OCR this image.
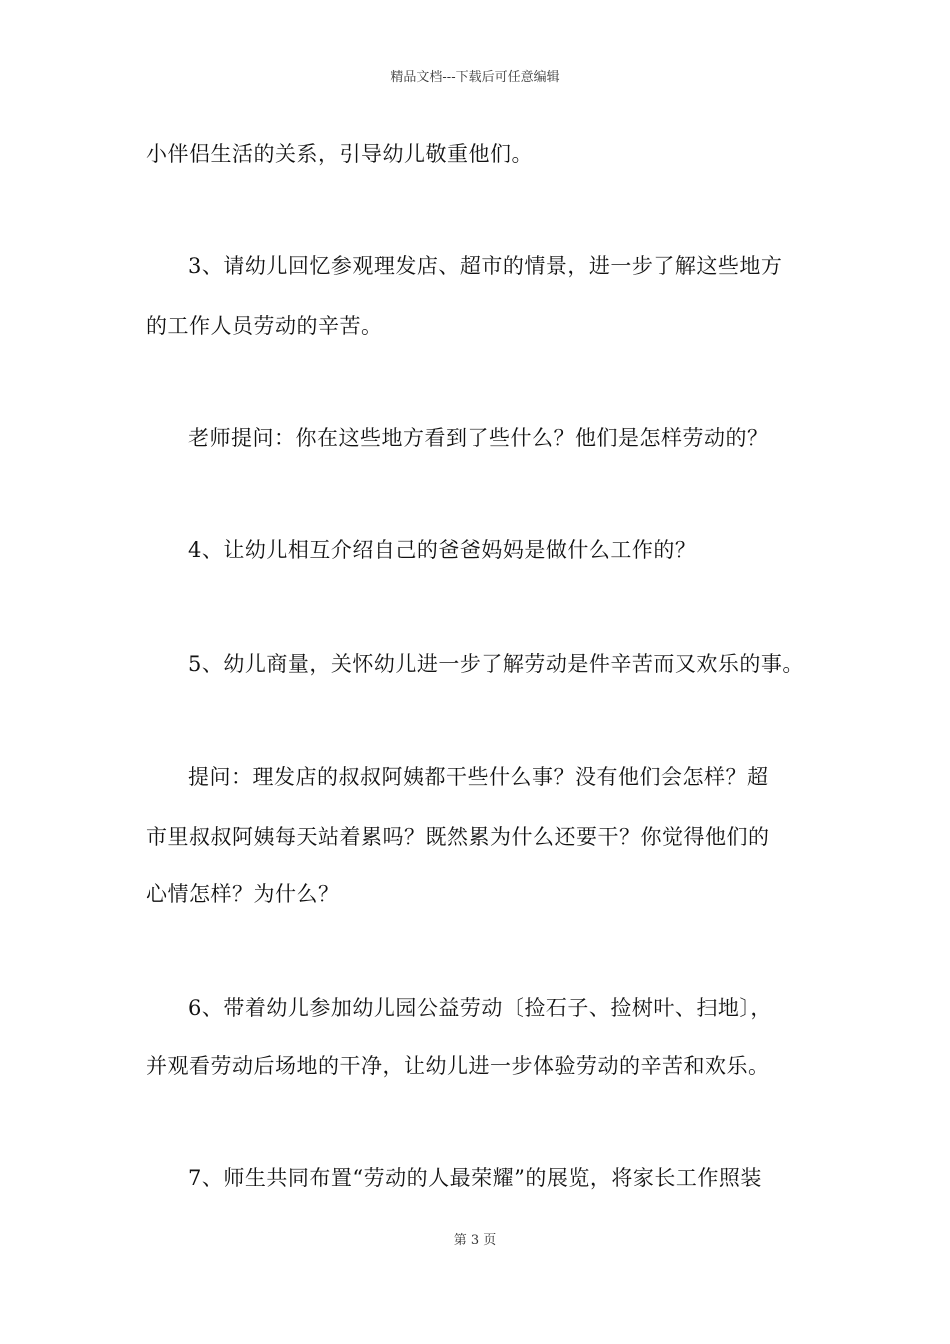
精品文档---下载后可任意编辑
小伴侣生活的关系，引导幼儿敬重他们。
3、请幼儿回忆参观理发店、超市的情景，进一步了解这些地方
的工作人员劳动的辛苦。
老师提问：你在这些地方看到了些什么？他们是怎样劳动的？
4、让幼儿相互介绍自己的爸爸妈妈是做什么工作的？
5、幼儿商量，关怀幼儿进一步了解劳动是件辛苦而又欢乐的事。
提问：理发店的叔叔阿姨都干些什么事？没有他们会怎样？超
市里叔叔阿姨每天站着累吗？既然累为什么还要干？你觉得他们的
心情怎样？为什么？
6、带着幼儿参加幼儿园公益劳动〔捡石子、捡树叶、扫地〕，
并观看劳动后场地的干净，让幼儿进一步体验劳动的辛苦和欢乐。
7、师生共同布置“劳动的人最荣耀”的展览，将家长工作照装
第 3 页
